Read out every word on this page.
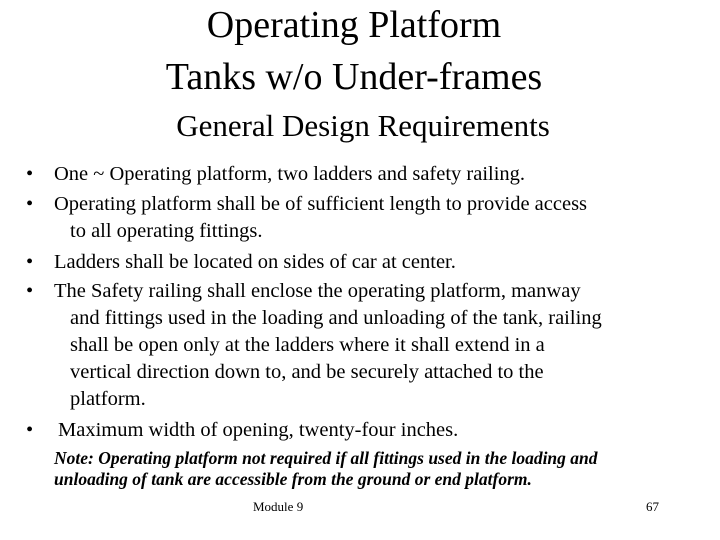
Operating Platform
Tanks w/o Under-frames
General Design Requirements
• One ~ Operating platform, two ladders and safety railing.
• Operating platform shall be of sufficient length to provide access
to all operating fittings.
• Ladders shall be located on sides of car at center.
• The Safety railing shall enclose the operating platform, manway
and fittings used in the loading and unloading of the tank, railing
shall be open only at the ladders where it shall extend in a
vertical direction down to, and be securely attached to the
platform.
• Maximum width of opening, twenty-four inches.
Note: Operating platform not required if all fittings used in the loading and
unloading of tank are accessible from the ground or end platform.
Module 9	67
